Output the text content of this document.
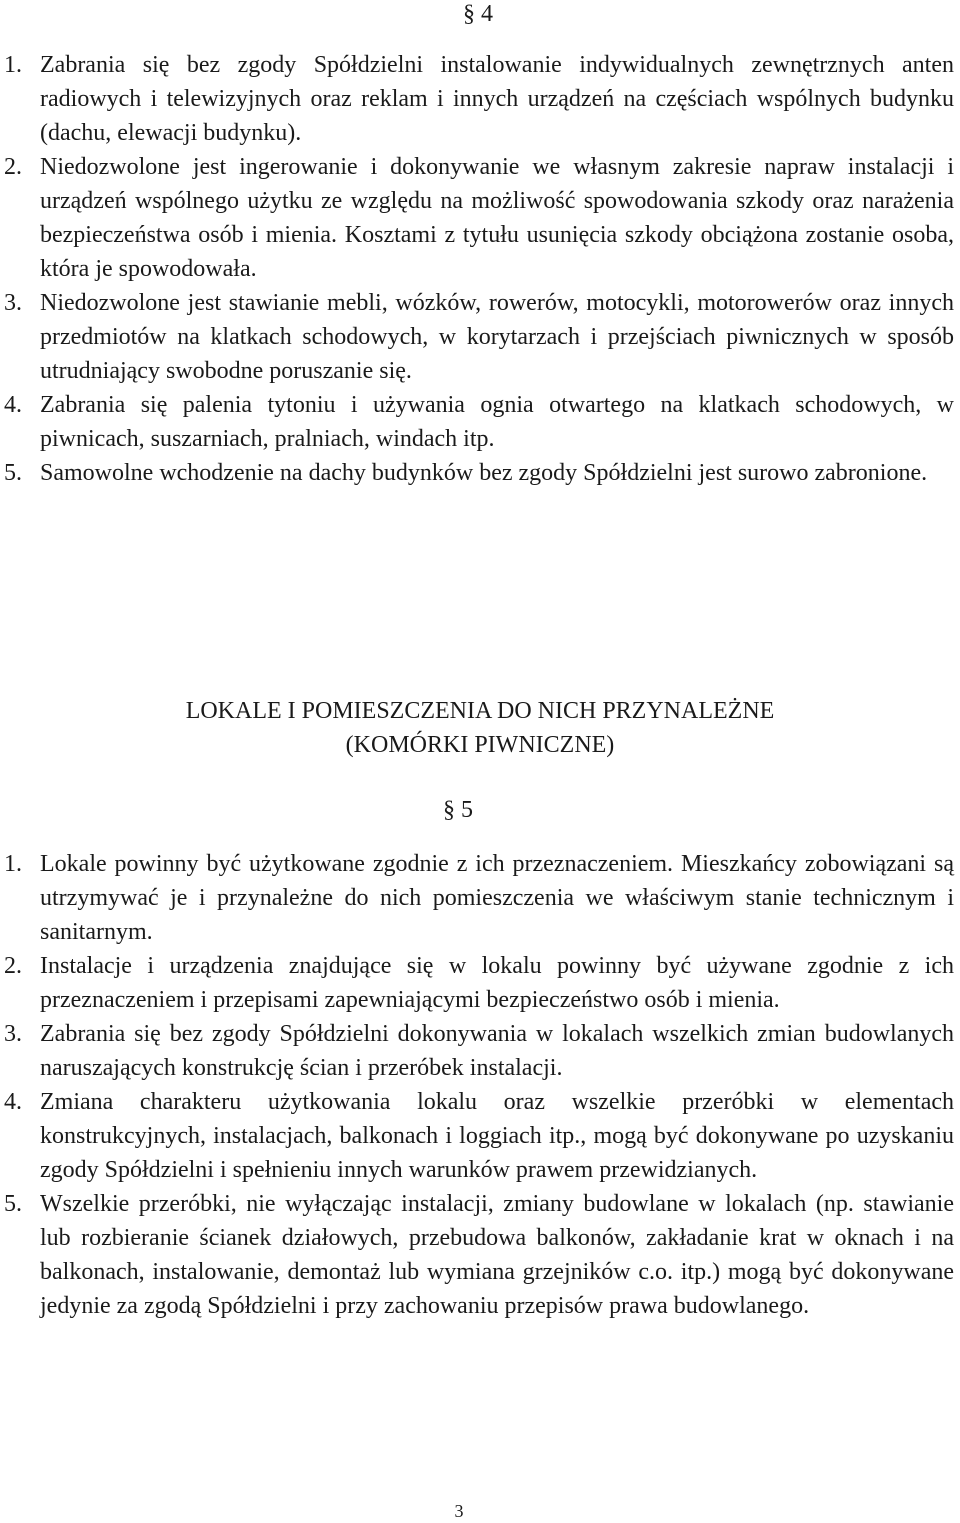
§ 4
1. Zabrania się bez zgody Spółdzielni instalowanie indywidualnych zewnętrznych anten radiowych i telewizyjnych oraz reklam i innych urządzeń na częściach wspólnych budynku (dachu, elewacji budynku).
2. Niedozwolone jest ingerowanie i dokonywanie we własnym zakresie napraw instalacji i urządzeń wspólnego użytku ze względu na możliwość spowodowania szkody oraz narażenia bezpieczeństwa osób i mienia. Kosztami z tytułu usunięcia szkody obciążona zostanie osoba, która je spowodowała.
3. Niedozwolone jest stawianie mebli, wózków, rowerów, motocykli, motorowerów oraz innych przedmiotów na klatkach schodowych, w korytarzach i przejściach piwnicznych w sposób utrudniający swobodne poruszanie się.
4. Zabrania się palenia tytoniu i używania ognia otwartego na klatkach schodowych, w piwnicach, suszarniach, pralniach, windach itp.
5. Samowolne wchodzenie na dachy budynków bez zgody Spółdzielni jest surowo zabronione.
LOKALE I POMIESZCZENIA DO NICH PRZYNALEŻNE
(KOMÓRKI PIWNICZNE)
§ 5
1. Lokale powinny być użytkowane zgodnie z ich przeznaczeniem. Mieszkańcy zobowiązani są utrzymywać je i przynależne do nich pomieszczenia we właściwym stanie technicznym i sanitarnym.
2. Instalacje i urządzenia znajdujące się w lokalu powinny być używane zgodnie z ich przeznaczeniem i przepisami zapewniającymi bezpieczeństwo osób i mienia.
3. Zabrania się bez zgody Spółdzielni dokonywania w lokalach wszelkich zmian budowlanych naruszających konstrukcję ścian i przeróbek instalacji.
4. Zmiana charakteru użytkowania lokalu oraz wszelkie przeróbki w elementach konstrukcyjnych, instalacjach, balkonach i loggiach itp., mogą być dokonywane po uzyskaniu zgody Spółdzielni i spełnieniu innych warunków prawem przewidzianych.
5. Wszelkie przeróbki, nie wyłączając instalacji, zmiany budowlane w lokalach (np. stawianie lub rozbieranie ścianek działowych, przebudowa balkonów, zakładanie krat w oknach i na balkonach, instalowanie, demontaż lub wymiana grzejników c.o. itp.) mogą być dokonywane jedynie za zgodą Spółdzielni i przy zachowaniu przepisów prawa budowlanego.
3
